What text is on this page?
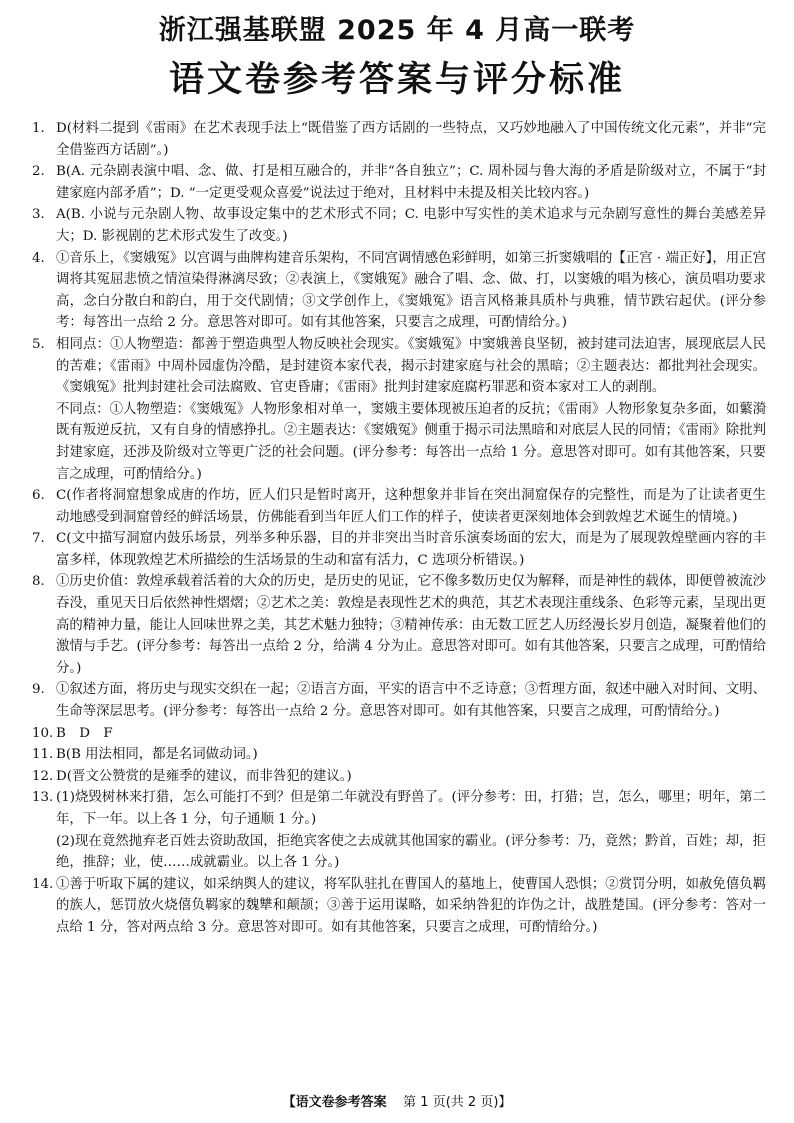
浙江强基联盟 2025 年 4 月高一联考
语文卷参考答案与评分标准
1. D(材料二提到《雷雨》在艺术表现手法上“既借鉴了西方话剧的一些特点，又巧妙地融入了中国传统文化元素”，并非“完全借鉴西方话剧”。)

2. B(A. 元杂剧表演中唱、念、做、打是相互融合的，并非“各自独立”；C. 周朴园与鲁大海的矛盾是阶级对立，不属于“封建家庭内部矛盾”；D. “一定更受观众喜爱”说法过于绝对，且材料中未提及相关比较内容。)

3. A(B. 小说与元杂剧人物、故事设定集中的艺术形式不同；C. 电影中写实性的美术追求与元杂剧写意性的舞台美感差异大；D. 影视剧的艺术形式发生了改变。)

4. ①音乐上，《窦娥冤》以宫调与曲牌构建音乐架构，不同宫调情感色彩鲜明，如第三折窦娥唱的【正宫 · 端正好】，用正宫调将其冤屈悲愤之情渲染得淋漓尽致；②表演上，《窦娥冤》融合了唱、念、做、打，以窦娥的唱为核心，演员唱功要求高，念白分散白和韵白，用于交代剧情；③文学创作上，《窦娥冤》语言风格兼具质朴与典雅，情节跌宕起伏。(评分参考：每答出一点给 2 分。意思答对即可。如有其他答案，只要言之成理，可酌情给分。)

5. 相同点：①人物塑造：都善于塑造典型人物反映社会现实。《窦娥冤》中窦娥善良坚韧，被封建司法迫害，展现底层人民的苦难；《雷雨》中周朴园虚伪冷酷，是封建资本家代表，揭示封建家庭与社会的黑暗；②主题表达：都批判社会现实。《窦娥冤》批判封建社会司法腐败、官吏昏庸；《雷雨》批判封建家庭腐朽罪恶和资本家对工人的剥削。

不同点：①人物塑造：《窦娥冤》人物形象相对单一，窦娥主要体现被压迫者的反抗；《雷雨》人物形象复杂多面，如蘩漪既有叛逆反抗，又有自身的情感挣扎。②主题表达：《窦娥冤》侧重于揭示司法黑暗和对底层人民的同情；《雷雨》除批判封建家庭，还涉及阶级对立等更广泛的社会问题。(评分参考：每答出一点给 1 分。意思答对即可。如有其他答案，只要言之成理，可酌情给分。)

6. C(作者将洞窟想象成唐的作坊，匠人们只是暂时离开，这种想象并非旨在突出洞窟保存的完整性，而是为了让读者更生动地感受到洞窟曾经的鲜活场景，仿佛能看到当年匠人们工作的样子，使读者更深刻地体会到敦煌艺术诞生的情境。)

7. C(文中描写洞窟内鼓乐场景，列举多种乐器，目的并非突出当时音乐演奏场面的宏大，而是为了展现敦煌壁画内容的丰富多样，体现敦煌艺术所描绘的生活场景的生动和富有活力，C 选项分析错误。)

8. ①历史价值：敦煌承载着活着的大众的历史，是历史的见证，它不像多数历史仅为解释，而是神性的载体，即便曾被流沙吞没，重见天日后依然神性熠熠；②艺术之美：敦煌是表现性艺术的典范，其艺术表现注重线条、色彩等元素，呈现出更高的精神力量，能让人回味世界之美，其艺术魅力独特；③精神传承：由无数工匠艺人历经漫长岁月创造，凝聚着他们的激情与手艺。(评分参考：每答出一点给 2 分，给满 4 分为止。意思答对即可。如有其他答案，只要言之成理，可酌情给分。)

9. ①叙述方面，将历史与现实交织在一起；②语言方面，平实的语言中不乏诗意；③哲理方面，叙述中融入对时间、文明、生命等深层思考。(评分参考：每答出一点给 2 分。意思答对即可。如有其他答案，只要言之成理，可酌情给分。)

10. B　D　F

11. B(B 用法相同，都是名词做动词。)

12. D(晋文公赞赏的是雍季的建议，而非咎犯的建议。)

13. (1)烧毁树林来打猎，怎么可能打不到？但是第二年就没有野兽了。(评分参考：田，打猎；岂，怎么，哪里；明年，第二年，下一年。以上各 1 分，句子通顺 1 分。)

(2)现在竟然抛弃老百姓去资助敌国，拒绝宾客使之去成就其他国家的霸业。(评分参考：乃，竟然；黔首，百姓；却，拒绝，推辞；业，使……成就霸业。以上各 1 分。)

14. ①善于听取下属的建议，如采纳舆人的建议，将军队驻扎在曹国人的墓地上，使曹国人恐惧；②赏罚分明，如赦免僖负羁的族人，惩罚放火烧僖负羁家的魏犨和颠颉；③善于运用谋略，如采纳咎犯的诈伪之计，战胜楚国。(评分参考：答对一点给 1 分，答对两点给 3 分。意思答对即可。如有其他答案，只要言之成理，可酌情给分。)

【语文卷参考答案 第 1 页(共 2 页)】
